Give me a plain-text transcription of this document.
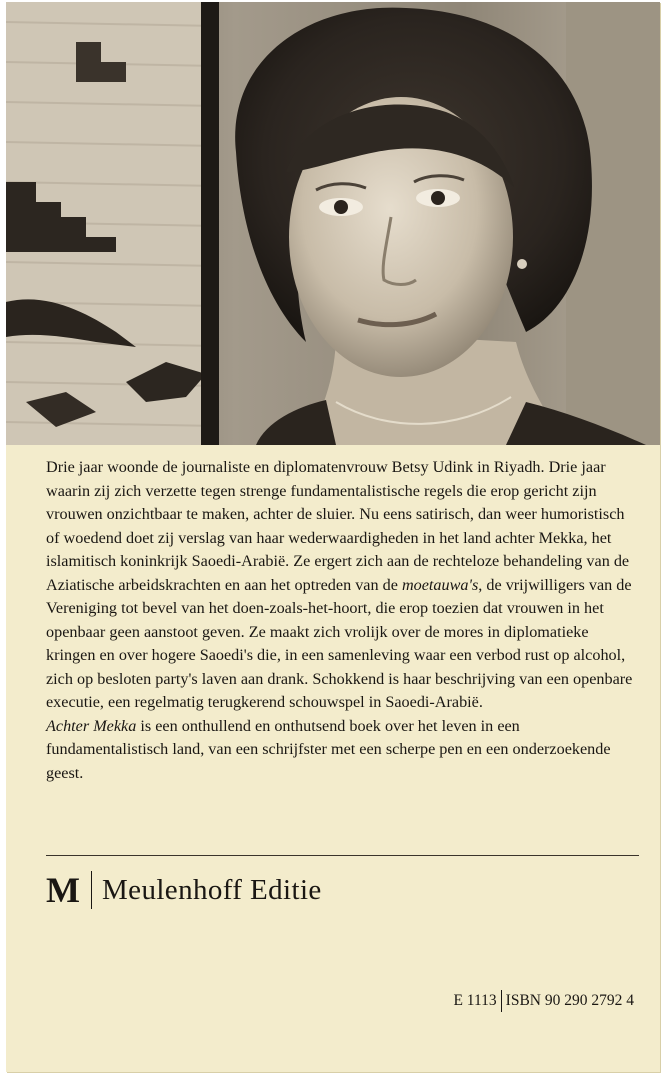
Drie jaar woonde de journaliste en diplomatenvrouw Betsy Udink in Riyadh. Drie jaar waarin zij zich verzette tegen strenge fundamentalistische regels die erop gericht zijn vrouwen onzichtbaar te maken, achter de sluier. Nu eens satirisch, dan weer humoristisch of woedend doet zij verslag van haar wederwaardigheden in het land achter Mekka, het islamitisch koninkrijk Saoedi-Arabië. Ze ergert zich aan de rechteloze behandeling van de Aziatische arbeidskrachten en aan het optreden van de moetauwa's, de vrijwilligers van de Vereniging tot bevel van het doen-zoals-het-hoort, die erop toezien dat vrouwen in het openbaar geen aanstoot geven. Ze maakt zich vrolijk over de mores in diplomatieke kringen en over hogere Saoedi's die, in een samenleving waar een verbod rust op alcohol, zich op besloten party's laven aan drank. Schokkend is haar beschrijving van een openbare executie, een regelmatig terugkerend schouwspel in Saoedi-Arabië.
Achter Mekka is een onthullend en onthutsend boek over het leven in een fundamentalistisch land, van een schrijfster met een scherpe pen en een onderzoekende geest.

M Meulenhoff Editie
E 1113 ISBN 90 290 2792 4
